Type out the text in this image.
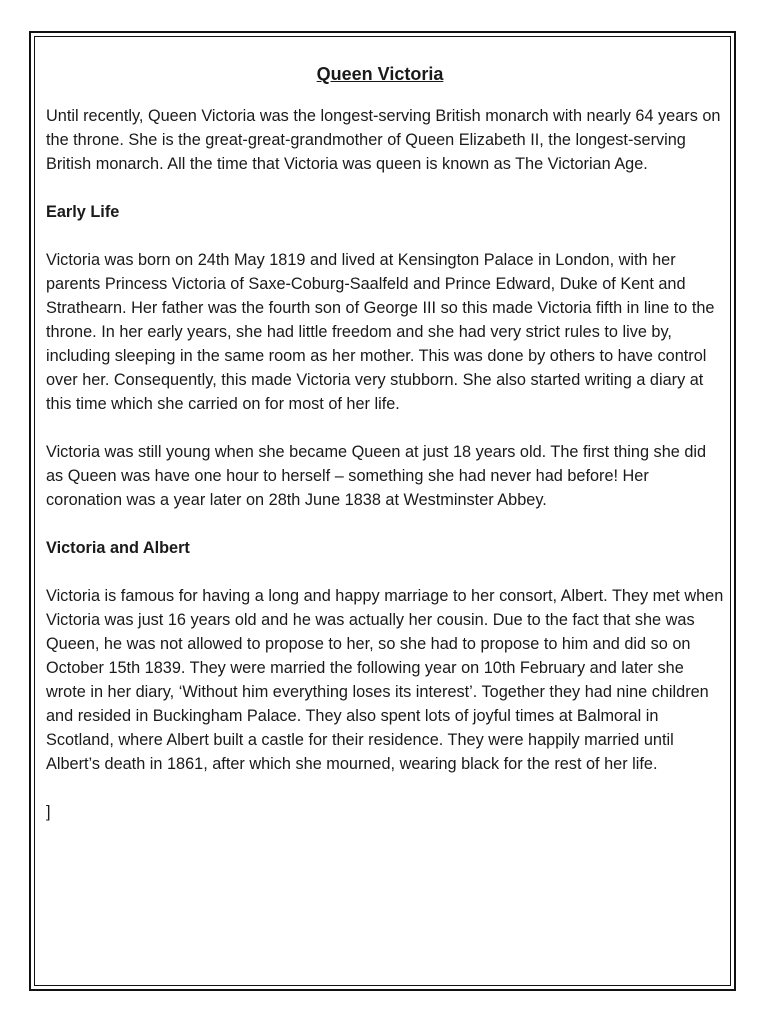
Queen Victoria

Until recently, Queen Victoria was the longest-serving British monarch with nearly 64 years on the throne. She is the great-great-grandmother of Queen Elizabeth II, the longest-serving British monarch. All the time that Victoria was queen is known as The Victorian Age.

Early Life

Victoria was born on 24th May 1819 and lived at Kensington Palace in London, with her parents Princess Victoria of Saxe-Coburg-Saalfeld and Prince Edward, Duke of Kent and Strathearn. Her father was the fourth son of George III so this made Victoria fifth in line to the throne. In her early years, she had little freedom and she had very strict rules to live by, including sleeping in the same room as her mother. This was done by others to have control over her. Consequently, this made Victoria very stubborn. She also started writing a diary at this time which she carried on for most of her life.

Victoria was still young when she became Queen at just 18 years old. The first thing she did as Queen was have one hour to herself – something she had never had before! Her coronation was a year later on 28th June 1838 at Westminster Abbey.

Victoria and Albert

Victoria is famous for having a long and happy marriage to her consort, Albert. They met when Victoria was just 16 years old and he was actually her cousin. Due to the fact that she was Queen, he was not allowed to propose to her, so she had to propose to him and did so on October 15th 1839. They were married the following year on 10th February and later she wrote in her diary, ‘Without him everything loses its interest’. Together they had nine children and resided in Buckingham Palace. They also spent lots of joyful times at Balmoral in Scotland, where Albert built a castle for their residence. They were happily married until Albert’s death in 1861, after which she mourned, wearing black for the rest of her life.

]
